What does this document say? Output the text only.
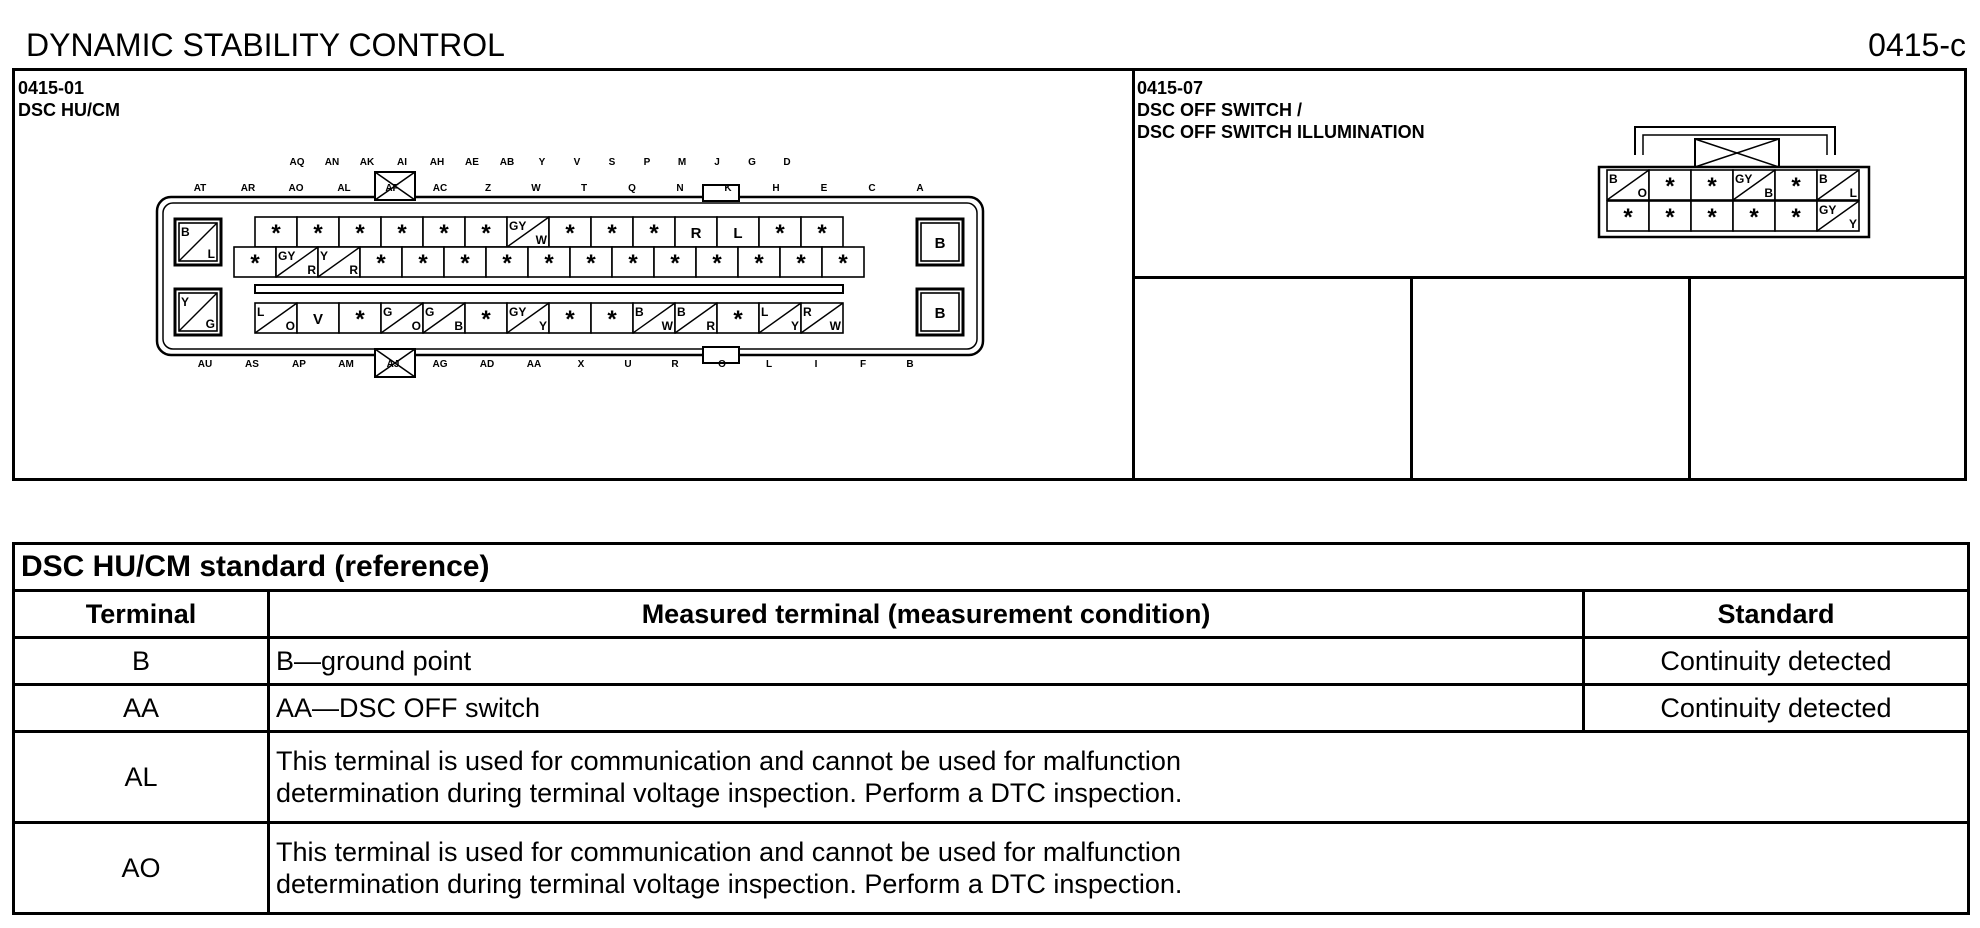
DYNAMIC STABILITY CONTROL	0415-c
0415-01
DSC HU/CM
0415-07
DSC OFF SWITCH /
DSC OFF SWITCH ILLUMINATION
* * * * * * GY
W * * * R L * *
* GY
R
Y
R * * * * * * * * * * * *
L
O V * G
O
G
B * GY
Y * * B
W
B
R * L
Y
R
W
B
L
Y
G
B
B
AQ AN AK AI AH AE AB Y	V	S	P	M	J	G	D
AT	AR	AO	AL	AF	AC	Z	W	T	Q	N	K	H	E	C	A
AU	AS	AP	AM	AJ	AG	AD	AA	X	U	R	O	L	I	F	B
B
O * * GY
B * B
L
* * * * * GY
Y
DSC HU/CM standard (reference)		
Terminal	Measured terminal (measurement condition)	Standard
B	B—ground point	Continuity detected
AA	AA—DSC OFF switch	Continuity detected
AL	This terminal is used for communication and cannot be used for malfunction
determination during terminal voltage inspection. Perform a DTC inspection.	

AO	This terminal is used for communication and cannot be used for malfunction
determination during terminal voltage inspection. Perform a DTC inspection.	
